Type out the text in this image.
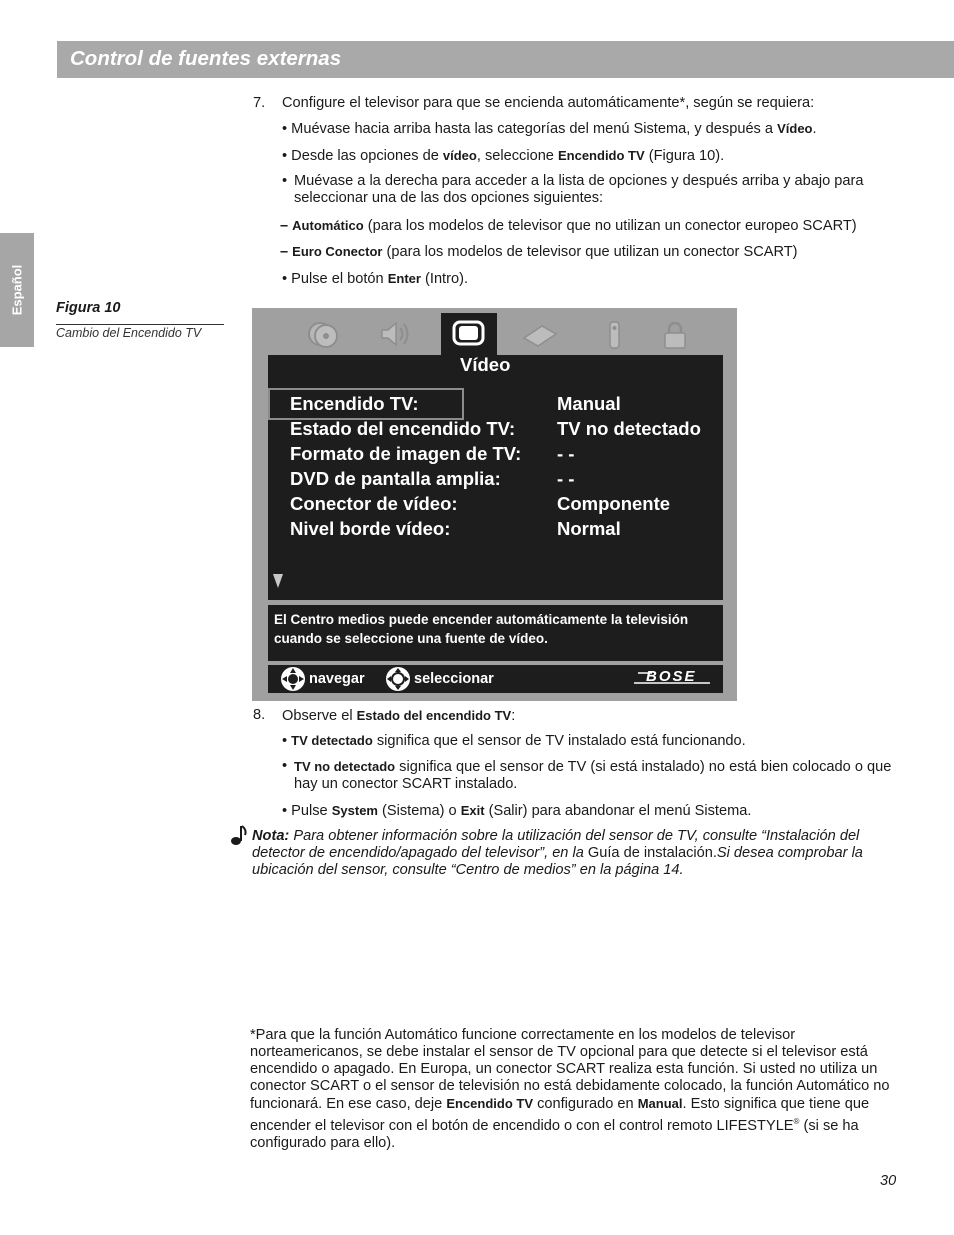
Control de fuentes externas
Español
7. Configure el televisor para que se encienda automáticamente*, según se requiera:
• Muévase hacia arriba hasta las categorías del menú Sistema, y después a Vídeo.
• Desde las opciones de vídeo, seleccione Encendido TV (Figura 10).
• Muévase a la derecha para acceder a la lista de opciones y después arriba y abajo para seleccionar una de las dos opciones siguientes:
– Automático (para los modelos de televisor que no utilizan un conector europeo SCART)
– Euro Conector (para los modelos de televisor que utilizan un conector SCART)
• Pulse el botón Enter (Intro).
Figura 10
Cambio del Encendido TV
Vídeo
Encendido TV:	Manual
Estado del encendido TV: TV no detectado
Formato de imagen de TV: - -
DVD de pantalla amplia:	- -
Conector de vídeo:	Componente
Nivel borde vídeo:	Normal
El Centro medios puede encender automáticamente la televisión cuando se seleccione una fuente de vídeo.
navegar	seleccionar	BOSE
8. Observe el Estado del encendido TV:
• TV detectado significa que el sensor de TV instalado está funcionando.
• TV no detectado significa que el sensor de TV (si está instalado) no está bien colocado o que hay un conector SCART instalado.
• Pulse System (Sistema) o Exit (Salir) para abandonar el menú Sistema.
Nota: Para obtener información sobre la utilización del sensor de TV, consulte “Instalación del detector de encendido/apagado del televisor”, en la Guía de instalación.Si desea comprobar la ubicación del sensor, consulte “Centro de medios” en la página 14.
*Para que la función Automático funcione correctamente en los modelos de televisor norteamericanos, se debe instalar el sensor de TV opcional para que detecte si el televisor está encendido o apagado. En Europa, un conector SCART realiza esta función. Si usted no utiliza un conector SCART o el sensor de televisión no está debidamente colocado, la función Automático no funcionará. En ese caso, deje Encendido TV configurado en Manual. Esto significa que tiene que encender el televisor con el botón de encendido o con el control remoto LIFESTYLE® (si se ha configurado para ello).
30
